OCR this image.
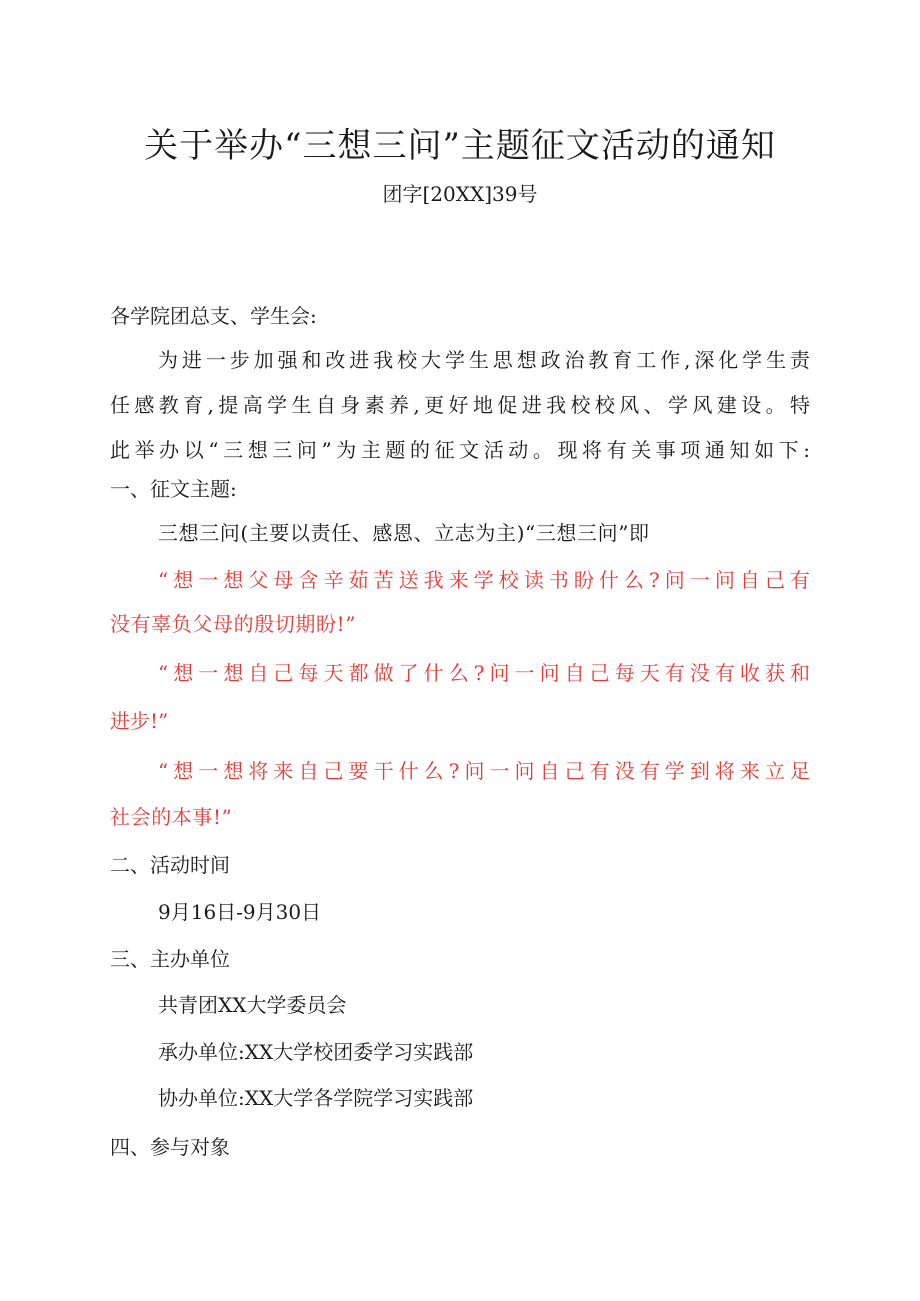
关于举办“三想三问”主题征文活动的通知
团字[20XX]39号
各学院团总支、学生会:
为进一步加强和改进我校大学生思想政治教育工作,深化学生责
任感教育,提高学生自身素养,更好地促进我校校风、学风建设。特
此举办以“三想三问”为主题的征文活动。现将有关事项通知如下:
一、征文主题:
三想三问(主要以责任、感恩、立志为主)“三想三问”即
“想一想父母含辛茹苦送我来学校读书盼什么?问一问自己有
没有辜负父母的殷切期盼!”
“想一想自己每天都做了什么?问一问自己每天有没有收获和
进步!”
“想一想将来自己要干什么?问一问自己有没有学到将来立足
社会的本事!”
二、活动时间
9月16日-9月30日
三、主办单位
共青团XX大学委员会
承办单位:XX大学校团委学习实践部
协办单位:XX大学各学院学习实践部
四、参与对象
